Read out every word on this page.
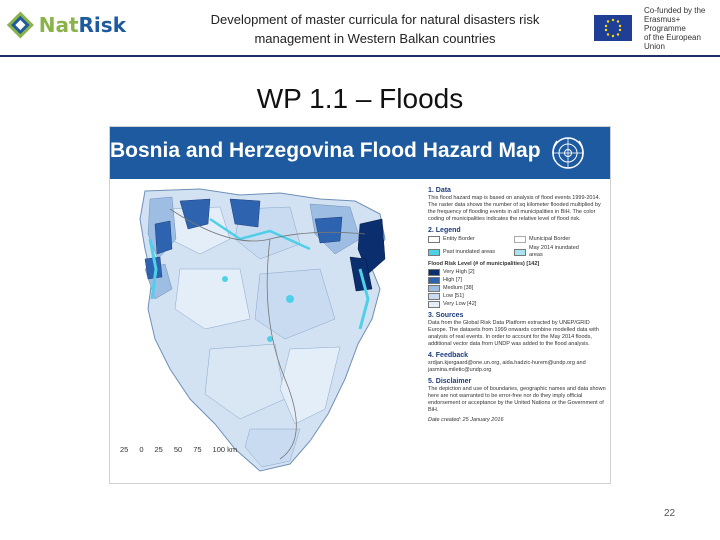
NatRisk	Development of master curricula for natural disasters risk
management in Western Balkan countries
Co-funded by the
Erasmus+ Programme
of the European Union
WP 1.1 – Floods
Bosnia and Herzegovina Flood Hazard Map
25 0 25 50 75 100 km
1. Data

This flood hazard map is based on analysis of flood events 1999-2014. The raster data shows the number of sq kilometer flooded multiplied by the frequency of flooding events in all municipalities in BiH. The color coding of municipalities indicates the relative level of flood risk.

2. Legend
Entity Border	Municipal Border
Past inundated areas
May 2014 inundated areas

Flood Risk Level (# of municipalities) [142]

Very High [2]
High [7]
Medium [38]
Low [51]
Very Low [42]
3. Sources

Data from the Global Risk Data Platform extracted by UNEP/GRID Europe. The datasets from 1999 onwards combine modelled data with analysis of real events. In order to account for the May 2014 floods, additional vector data from UNDP was added to the flood analysis.

4. Feedback

srdjan.kjergaard@one.un.org, aida.hadzic-hurem@undp.org and jasmina.miletic@undp.org

5. Disclaimer

The depiction and use of boundaries, geographic names and data shown here are not warranted to be error-free nor do they imply official endorsement or acceptance by the United Nations or the Government of BiH.

Date created: 25 January 2016

22
